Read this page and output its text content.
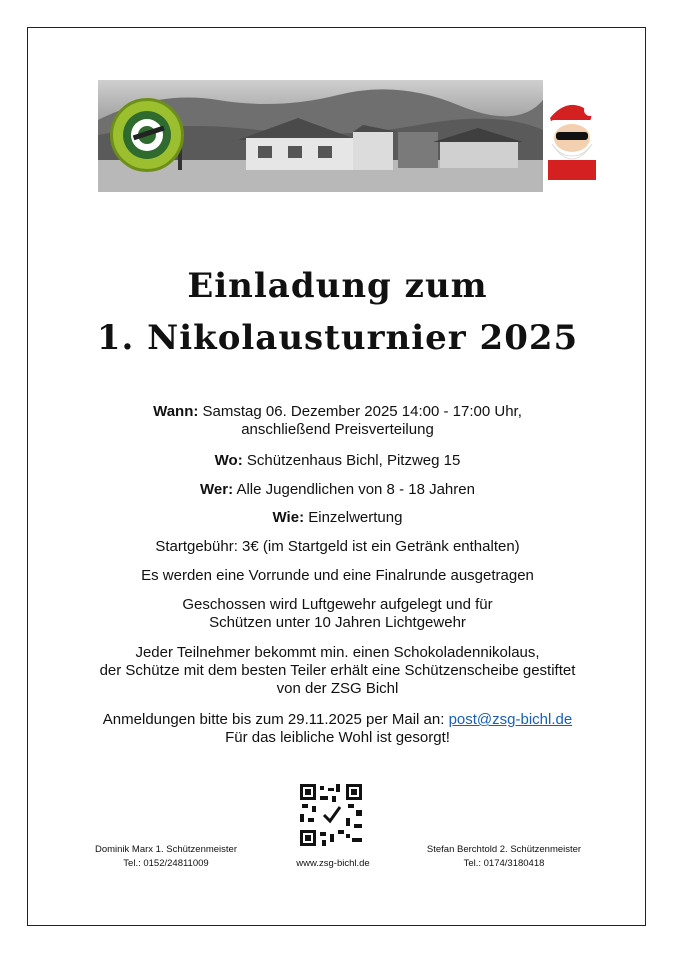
Einladung zum
1. Nikolausturnier 2025
Wann: Samstag 06. Dezember 2025 14:00 - 17:00 Uhr,
anschließend Preisverteilung
Wo: Schützenhaus Bichl, Pitzweg 15
Wer: Alle Jugendlichen von 8 - 18 Jahren
Wie: Einzelwertung
Startgebühr: 3€ (im Startgeld ist ein Getränk enthalten)
Es werden eine Vorrunde und eine Finalrunde ausgetragen
Geschossen wird Luftgewehr aufgelegt und für
Schützen unter 10 Jahren Lichtgewehr
Jeder Teilnehmer bekommt min. einen Schokoladennikolaus,
der Schütze mit dem besten Teiler erhält eine Schützenscheibe gestiftet
von der ZSG Bichl
Anmeldungen bitte bis zum 29.11.2025 per Mail an: post@zsg-bichl.de
Für das leibliche Wohl ist gesorgt!
Dominik Marx 1. Schützenmeister
Tel.: 0152/24811009	www.zsg-bichl.de
Stefan Berchtold 2. Schützenmeister
Tel.: 0174/3180418
